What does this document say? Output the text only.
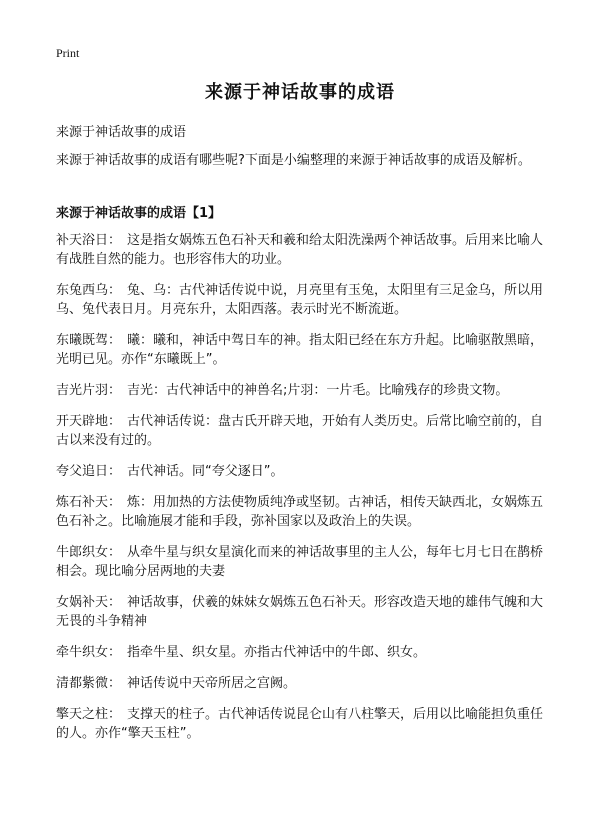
Print
来源于神话故事的成语
来源于神话故事的成语
来源于神话故事的成语有哪些呢?下面是小编整理的来源于神话故事的成语及解析。
来源于神话故事的成语【1】

补天浴日： 这是指女娲炼五色石补天和羲和给太阳洗澡两个神话故事。后用来比喻人有战胜自然的能力。也形容伟大的功业。

东兔西乌： 兔、乌：古代神话传说中说，月亮里有玉兔，太阳里有三足金乌，所以用乌、兔代表日月。月亮东升，太阳西落。表示时光不断流逝。

东曦既驾： 曦：曦和，神话中驾日车的神。指太阳已经在东方升起。比喻驱散黑暗，光明已见。亦作“东曦既上”。

吉光片羽： 吉光：古代神话中的神兽名;片羽：一片毛。比喻残存的珍贵文物。

开天辟地： 古代神话传说：盘古氏开辟天地，开始有人类历史。后常比喻空前的，自古以来没有过的。

夸父追日： 古代神话。同“夸父逐日”。

炼石补天： 炼：用加热的方法使物质纯净或坚韧。古神话，相传天缺西北，女娲炼五色石补之。比喻施展才能和手段，弥补国家以及政治上的失误。

牛郎织女： 从牵牛星与织女星演化而来的神话故事里的主人公，每年七月七日在鹊桥相会。现比喻分居两地的夫妻

女娲补天： 神话故事，伏羲的妹妹女娲炼五色石补天。形容改造天地的雄伟气魄和大无畏的斗争精神

牵牛织女： 指牵牛星、织女星。亦指古代神话中的牛郎、织女。

清都紫微： 神话传说中天帝所居之宫阙。

擎天之柱： 支撑天的柱子。古代神话传说昆仑山有八柱擎天，后用以比喻能担负重任的人。亦作“擎天玉柱”。
